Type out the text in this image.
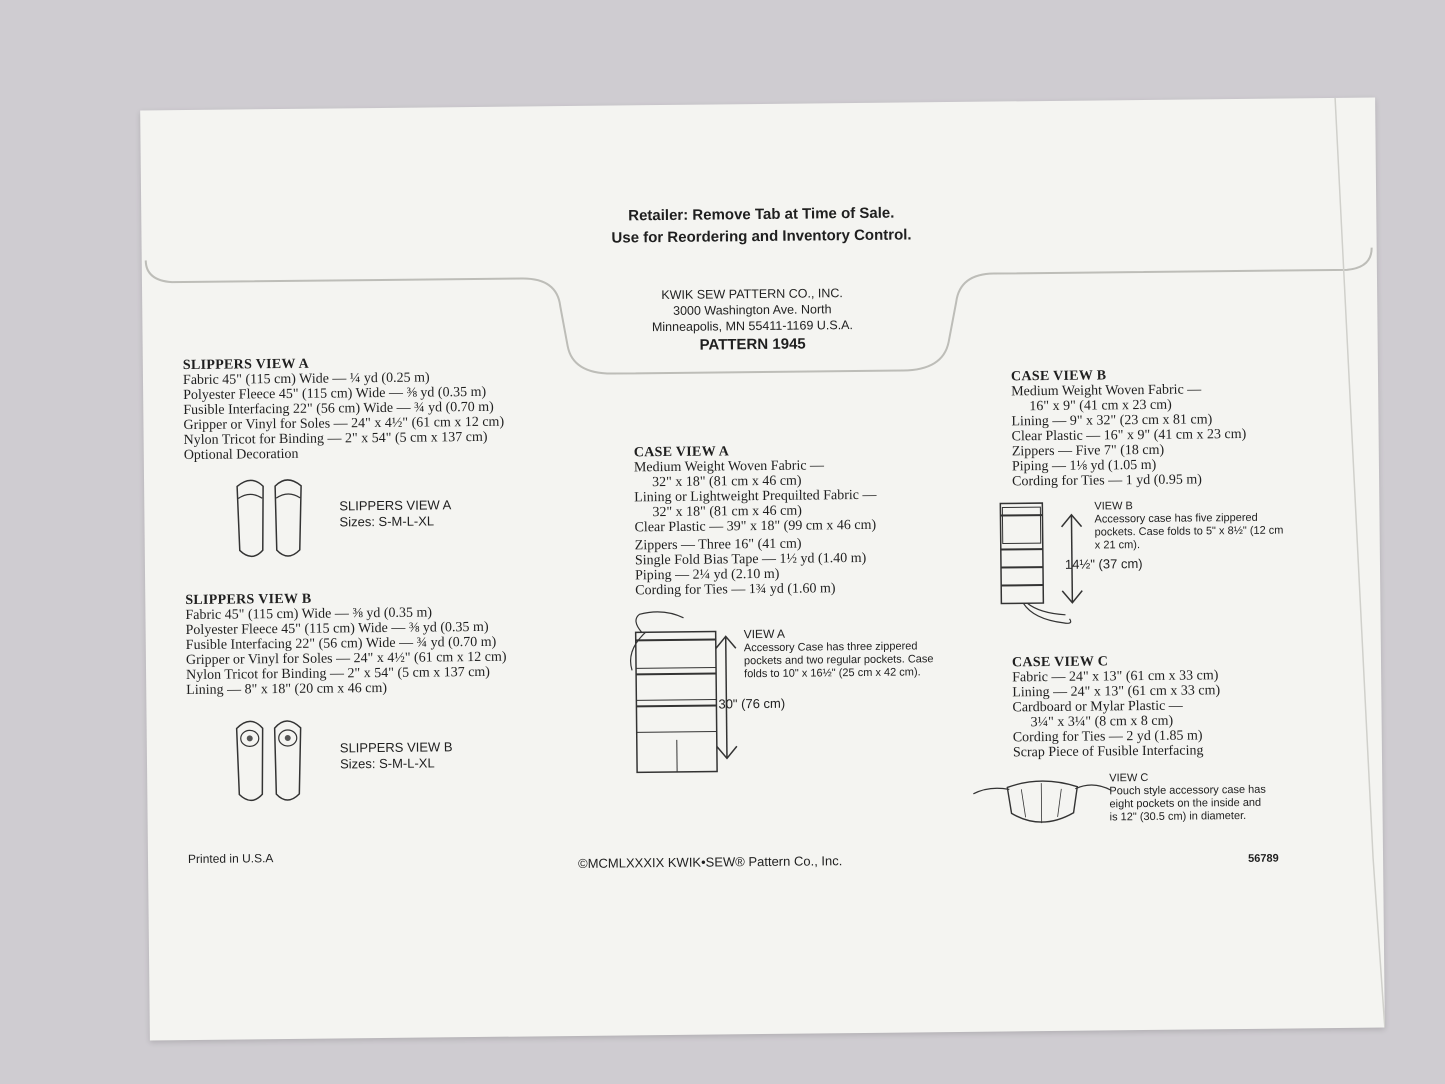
Retailer: Remove Tab at Time of Sale.
Use for Reordering and Inventory Control.
KWIK SEW PATTERN CO., INC.
3000 Washington Ave. North
Minneapolis, MN 55411-1169 U.S.A.
PATTERN 1945
SLIPPERS VIEW A
Fabric 45" (115 cm) Wide — ¼ yd (0.25 m)
Polyester Fleece 45" (115 cm) Wide — ⅜ yd (0.35 m)
Fusible Interfacing 22" (56 cm) Wide — ¾ yd (0.70 m)
Gripper or Vinyl for Soles — 24" x 4½" (61 cm x 12 cm)
Nylon Tricot for Binding — 2" x 54" (5 cm x 137 cm)
Optional Decoration
SLIPPERS VIEW A
Sizes: S-M-L-XL
SLIPPERS VIEW B
Fabric 45" (115 cm) Wide — ⅜ yd (0.35 m)
Polyester Fleece 45" (115 cm) Wide — ⅜ yd (0.35 m)
Fusible Interfacing 22" (56 cm) Wide — ¾ yd (0.70 m)
Gripper or Vinyl for Soles — 24" x 4½" (61 cm x 12 cm)
Nylon Tricot for Binding — 2" x 54" (5 cm x 137 cm)
Lining — 8" x 18" (20 cm x 46 cm)
SLIPPERS VIEW B
Sizes: S-M-L-XL
CASE VIEW A
Medium Weight Woven Fabric —
32" x 18" (81 cm x 46 cm)
Lining or Lightweight Prequilted Fabric —
32" x 18" (81 cm x 46 cm)
Clear Plastic — 39" x 18" (99 cm x 46 cm)
Zippers — Three 16" (41 cm)
Single Fold Bias Tape — 1½ yd (1.40 m)
Piping — 2¼ yd (2.10 m)
Cording for Ties — 1¾ yd (1.60 m)
VIEW A
Accessory Case has three zippered
pockets and two regular pockets. Case
folds to 10" x 16½" (25 cm x 42 cm).
30" (76 cm)
CASE VIEW B
Medium Weight Woven Fabric —
16" x 9" (41 cm x 23 cm)
Lining — 9" x 32" (23 cm x 81 cm)
Clear Plastic — 16" x 9" (41 cm x 23 cm)
Zippers — Five 7" (18 cm)
Piping — 1⅛ yd (1.05 m)
Cording for Ties — 1 yd (0.95 m)
VIEW B
Accessory case has five zippered
pockets. Case folds to 5" x 8½" (12 cm
x 21 cm).
14½" (37 cm)
CASE VIEW C
Fabric — 24" x 13" (61 cm x 33 cm)
Lining — 24" x 13" (61 cm x 33 cm)
Cardboard or Mylar Plastic —
3¼" x 3¼" (8 cm x 8 cm)
Cording for Ties — 2 yd (1.85 m)
Scrap Piece of Fusible Interfacing
VIEW C
Pouch style accessory case has
eight pockets on the inside and
is 12" (30.5 cm) in diameter.
Printed in U.S.A	©MCMLXXXIX KWIK•SEW® Pattern Co., Inc.	56789
